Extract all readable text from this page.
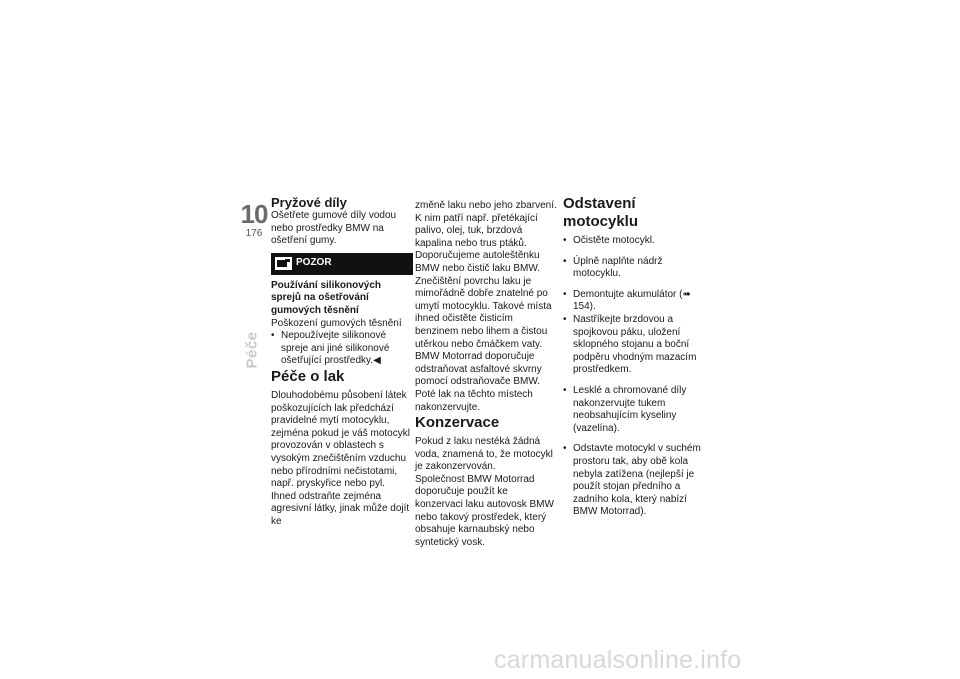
10
176
Péče
Pryžové díly

Ošetřete gumové díly vodou nebo prostředky BMW na ošetření gumy.

POZOR

Používání silikonových sprejů na ošetřování gumových těsnění

Poškození gumových těsnění

• Nepoužívejte silikonové spreje ani jiné silikonové ošetřující prostředky.◀
Péče o lak

Dlouhodobému působení látek poškozujících lak předchází pravidelné mytí motocyklu, zejména pokud je váš motocykl provozován v oblastech s vysokým znečištěním vzduchu nebo přírodními nečistotami, např. pryskyřice nebo pyl.

Ihned odstraňte zejména agresivní látky, jinak může dojít ke

změně laku nebo jeho zbarvení. K nim patří např. přetékající palivo, olej, tuk, brzdová kapalina nebo trus ptáků. Doporučujeme autoleštěnku BMW nebo čistič laku BMW.

Znečištění povrchu laku je mimořádně dobře znatelné po umytí motocyklu. Takové místa ihned očistěte čisticím benzinem nebo lihem a čistou utěrkou nebo čmáčkem vaty. BMW Motorrad doporučuje odstraňovat asfaltové skvrny pomocí odstraňovače BMW. Poté lak na těchto místech nakonzervujte.

Konzervace

Pokud z laku nestéká žádná voda, znamená to, že motocykl je zakonzervován.

Společnost BMW Motorrad doporučuje použít ke konzervaci laku autovosk BMW nebo takový prostředek, který obsahuje karnaubský nebo syntetický vosk.

Odstavení motocyklu
• Očistěte motocykl.
• Úplně naplňte nádrž motocyklu.
• Demontujte akumulátor (➠ 154).
• Nastříkejte brzdovou a spojkovou páku, uložení sklopného stojanu a boční podpěru vhodným mazacím prostředkem.
• Lesklé a chromované díly nakonzervujte tukem neobsahujícím kyseliny (vazelína).
• Odstavte motocykl v suchém prostoru tak, aby obě kola nebyla zatížena (nejlepší je použít stojan předního a zadního kola, který nabízí BMW Motorrad).
carmanualsonline.info
